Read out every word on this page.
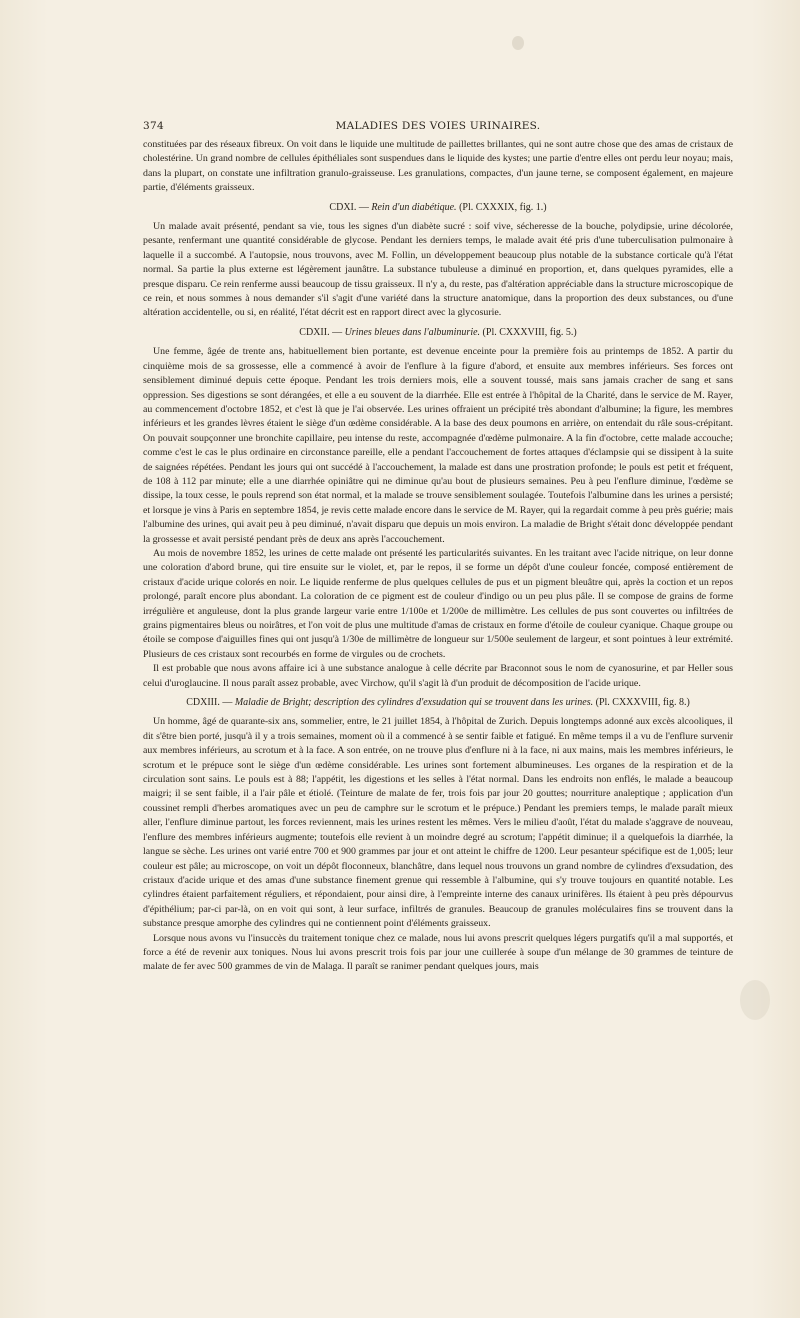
374	MALADIES DES VOIES URINAIRES.

constituées par des réseaux fibreux. On voit dans le liquide une multitude de paillettes brillantes, qui ne sont autre chose que des amas de cristaux de cholestérine. Un grand nombre de cellules épithéliales sont suspendues dans le liquide des kystes; une partie d'entre elles ont perdu leur noyau; mais, dans la plupart, on constate une infiltration granulo-graisseuse. Les granulations, compactes, d'un jaune terne, se composent également, en majeure partie, d'éléments graisseux.

CDXI. — Rein d'un diabétique. (Pl. CXXXIX, fig. 1.)

Un malade avait présenté, pendant sa vie, tous les signes d'un diabète sucré : soif vive, sécheresse de la bouche, polydipsie, urine décolorée, pesante, renfermant une quantité considérable de glycose. Pendant les derniers temps, le malade avait été pris d'une tuberculisation pulmonaire à laquelle il a succombé. A l'autopsie, nous trouvons, avec M. Follin, un développement beaucoup plus notable de la substance corticale qu'à l'état normal. Sa partie la plus externe est légèrement jaunâtre. La substance tubuleuse a diminué en proportion, et, dans quelques pyramides, elle a presque disparu. Ce rein renferme aussi beaucoup de tissu graisseux. Il n'y a, du reste, pas d'altération appréciable dans la structure microscopique de ce rein, et nous sommes à nous demander s'il s'agit d'une variété dans la structure anatomique, dans la proportion des deux substances, ou d'une altération accidentelle, ou si, en réalité, l'état décrit est en rapport direct avec la glycosurie.

CDXII. — Urines bleues dans l'albuminurie. (Pl. CXXXVIII, fig. 5.)

Une femme, âgée de trente ans, habituellement bien portante, est devenue enceinte pour la première fois au printemps de 1852. A partir du cinquième mois de sa grossesse, elle a commencé à avoir de l'enflure à la figure d'abord, et ensuite aux membres inférieurs. Ses forces ont sensiblement diminué depuis cette époque. Pendant les trois derniers mois, elle a souvent toussé, mais sans jamais cracher de sang et sans oppression. Ses digestions se sont dérangées, et elle a eu souvent de la diarrhée. Elle est entrée à l'hôpital de la Charité, dans le service de M. Rayer, au commencement d'octobre 1852, et c'est là que je l'ai observée. Les urines offraient un précipité très abondant d'albumine; la figure, les membres inférieurs et les grandes lèvres étaient le siège d'un œdème considérable. A la base des deux poumons en arrière, on entendait du râle sous-crépitant. On pouvait soupçonner une bronchite capillaire, peu intense du reste, accompagnée d'œdème pulmonaire. A la fin d'octobre, cette malade accouche; comme c'est le cas le plus ordinaire en circonstance pareille, elle a pendant l'accouchement de fortes attaques d'éclampsie qui se dissipent à la suite de saignées répétées. Pendant les jours qui ont succédé à l'accouchement, la malade est dans une prostration profonde; le pouls est petit et fréquent, de 108 à 112 par minute; elle a une diarrhée opiniâtre qui ne diminue qu'au bout de plusieurs semaines. Peu à peu l'enflure diminue, l'œdème se dissipe, la toux cesse, le pouls reprend son état normal, et la malade se trouve sensiblement soulagée. Toutefois l'albumine dans les urines a persisté; et lorsque je vins à Paris en septembre 1854, je revis cette malade encore dans le service de M. Rayer, qui la regardait comme à peu près guérie; mais l'albumine des urines, qui avait peu à peu diminué, n'avait disparu que depuis un mois environ. La maladie de Bright s'était donc développée pendant la grossesse et avait persisté pendant près de deux ans après l'accouchement.

Au mois de novembre 1852, les urines de cette malade ont présenté les particularités suivantes. En les traitant avec l'acide nitrique, on leur donne une coloration d'abord brune, qui tire ensuite sur le violet, et, par le repos, il se forme un dépôt d'une couleur foncée, composé entièrement de cristaux d'acide urique colorés en noir. Le liquide renferme de plus quelques cellules de pus et un pigment bleuâtre qui, après la coction et un repos prolongé, paraît encore plus abondant. La coloration de ce pigment est de couleur d'indigo ou un peu plus pâle. Il se compose de grains de forme irrégulière et anguleuse, dont la plus grande largeur varie entre 1/100e et 1/200e de millimètre. Les cellules de pus sont couvertes ou infiltrées de grains pigmentaires bleus ou noirâtres, et l'on voit de plus une multitude d'amas de cristaux en forme d'étoile de couleur cyanique. Chaque groupe ou étoile se compose d'aiguilles fines qui ont jusqu'à 1/30e de millimètre de longueur sur 1/500e seulement de largeur, et sont pointues à leur extrémité. Plusieurs de ces cristaux sont recourbés en forme de virgules ou de crochets.

Il est probable que nous avons affaire ici à une substance analogue à celle décrite par Braconnot sous le nom de cyanosurine, et par Heller sous celui d'uroglaucine. Il nous paraît assez probable, avec Virchow, qu'il s'agit là d'un produit de décomposition de l'acide urique.

CDXIII. — Maladie de Bright; description des cylindres d'exsudation qui se trouvent dans les urines. (Pl. CXXXVIII, fig. 8.)

Un homme, âgé de quarante-six ans, sommelier, entre, le 21 juillet 1854, à l'hôpital de Zurich. Depuis longtemps adonné aux excès alcooliques, il dit s'être bien porté, jusqu'à il y a trois semaines, moment où il a commencé à se sentir faible et fatigué. En même temps il a vu de l'enflure survenir aux membres inférieurs, au scrotum et à la face. A son entrée, on ne trouve plus d'enflure ni à la face, ni aux mains, mais les membres inférieurs, le scrotum et le prépuce sont le siège d'un œdème considérable. Les urines sont fortement albumineuses. Les organes de la respiration et de la circulation sont sains. Le pouls est à 88; l'appétit, les digestions et les selles à l'état normal. Dans les endroits non enflés, le malade a beaucoup maigri; il se sent faible, il a l'air pâle et étiolé. (Teinture de malate de fer, trois fois par jour 20 gouttes; nourriture analeptique ; application d'un coussinet rempli d'herbes aromatiques avec un peu de camphre sur le scrotum et le prépuce.) Pendant les premiers temps, le malade paraît mieux aller, l'enflure diminue partout, les forces reviennent, mais les urines restent les mêmes. Vers le milieu d'août, l'état du malade s'aggrave de nouveau, l'enflure des membres inférieurs augmente; toutefois elle revient à un moindre degré au scrotum; l'appétit diminue; il a quelquefois la diarrhée, la langue se sèche. Les urines ont varié entre 700 et 900 grammes par jour et ont atteint le chiffre de 1200. Leur pesanteur spécifique est de 1,005; leur couleur est pâle; au microscope, on voit un dépôt floconneux, blanchâtre, dans lequel nous trouvons un grand nombre de cylindres d'exsudation, des cristaux d'acide urique et des amas d'une substance finement grenue qui ressemble à l'albumine, qui s'y trouve toujours en quantité notable. Les cylindres étaient parfaitement réguliers, et répondaient, pour ainsi dire, à l'empreinte interne des canaux urinifères. Ils étaient à peu près dépourvus d'épithélium; par-ci par-là, on en voit qui sont, à leur surface, infiltrés de granules. Beaucoup de granules moléculaires fins se trouvent dans la substance presque amorphe des cylindres qui ne contiennent point d'éléments graisseux.

Lorsque nous avons vu l'insuccès du traitement tonique chez ce malade, nous lui avons prescrit quelques légers purgatifs qu'il a mal supportés, et force a été de revenir aux toniques. Nous lui avons prescrit trois fois par jour une cuillerée à soupe d'un mélange de 30 grammes de teinture de malate de fer avec 500 grammes de vin de Malaga. Il paraît se ranimer pendant quelques jours, mais
